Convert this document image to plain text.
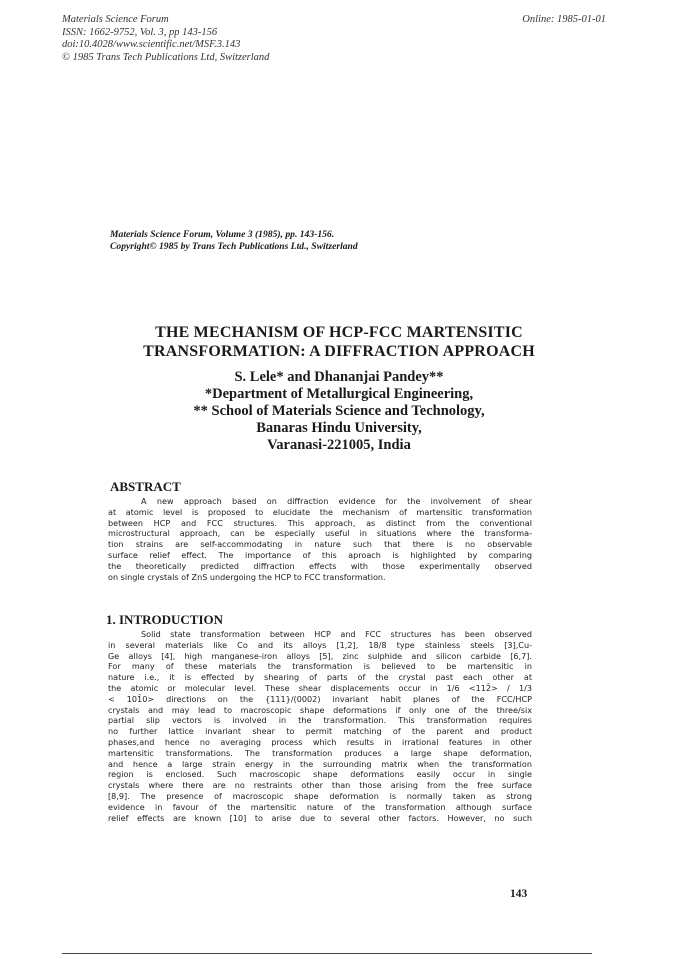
Materials Science Forum
ISSN: 1662-9752, Vol. 3, pp 143-156
doi:10.4028/www.scientific.net/MSF.3.143
© 1985 Trans Tech Publications Ltd, Switzerland
Online: 1985-01-01
Materials Science Forum, Volume 3 (1985), pp. 143-156.
Copyright© 1985 by Trans Tech Publications Ltd., Switzerland
THE MECHANISM OF HCP-FCC MARTENSITIC
TRANSFORMATION: A DIFFRACTION APPROACH
S. Lele* and Dhananjai Pandey**
*Department of Metallurgical Engineering,
** School of Materials Science and Technology,
Banaras Hindu University,
Varanasi-221005, India
ABSTRACT
A new approach based on diffraction evidence for the involvement of shear
at atomic level is proposed to elucidate the mechanism of martensitic transformation
between HCP and FCC structures. This approach, as distinct from the conventional
microstructural approach, can be especially useful in situations where the transforma-
tion strains are self-accommodating in nature such that there is no observable
surface relief effect. The importance of this aproach is highlighted by comparing
the theoretically predicted diffraction effects with those experimentally observed
on single crystals of ZnS undergoing the HCP to FCC transformation.
1. INTRODUCTION
Solid state transformation between HCP and FCC structures has been observed
in several materials like Co and its alloys [1,2], 18/8 type stainless steels [3],Cu-
Ge alloys [4], high manganese-iron alloys [5], zinc sulphide and silicon carbide [6,7].
For many of these materials the transformation is believed to be martensitic in
nature i.e., it is effected by shearing of parts of the crystal past each other at
the atomic or molecular level. These shear displacements occur in 1/6 <112̄> / 1/3
< 101̄0> directions on the {111}/(0002) invariant habit planes of the FCC/HCP
crystals and may lead to macroscopic shape deformations if only one of the three/six
partial slip vectors is involved in the transformation. This transformation requires
no further lattice invariant shear to permit matching of the parent and product
phases,and hence no averaging process which results in irrational features in other
martensitic transformations. The transformation produces a large shape deformation,
and hence a large strain energy in the surrounding matrix when the transformation
region is enclosed. Such macroscopic shape deformations easily occur in single
crystals where there are no restraints other than those arising from the free surface
[8,9]. The presence of macroscopic shape deformation is normally taken as strong
evidence in favour of the martensitic nature of the transformation although surface
relief effects are known [10] to arise due to several other factors. However, no such
143
